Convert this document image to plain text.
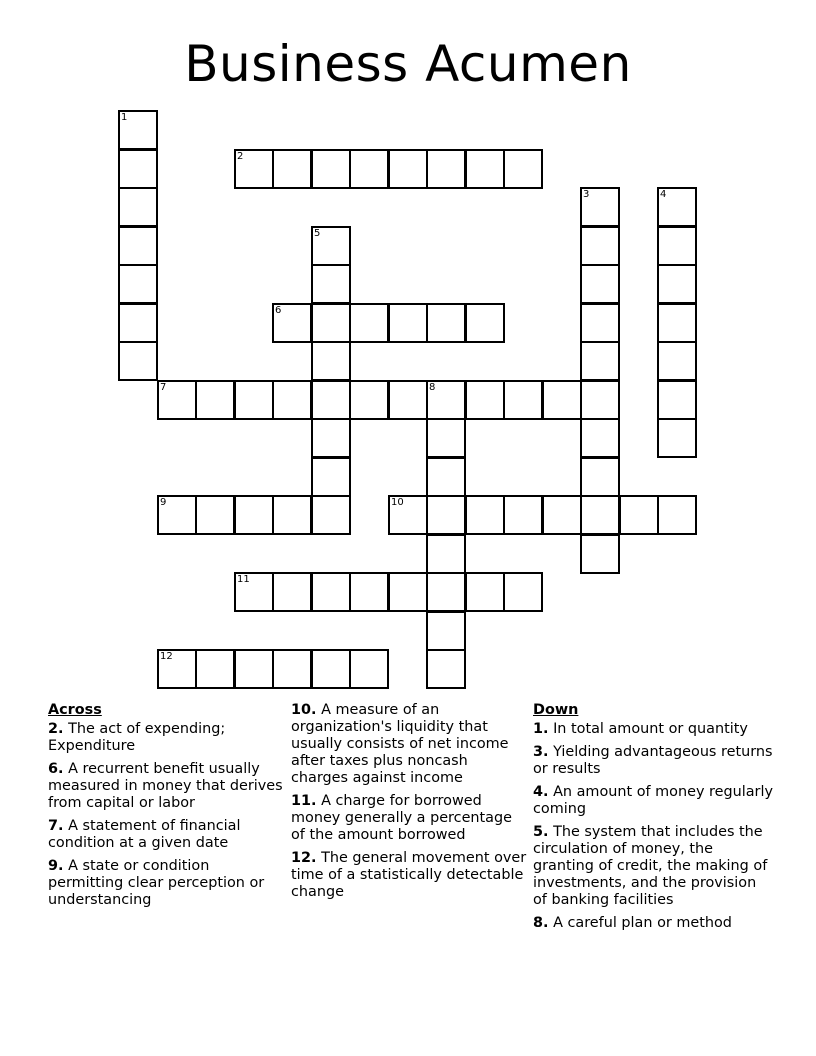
Business Acumen
1
2
3	4
5
6
7	8
9	10
11
12
Across
2. The act of expending; Expenditure
6. A recurrent benefit usually measured in money that derives from capital or labor
7. A statement of financial condition at a given date
9. A state or condition permitting clear perception or understancing
10. A measure of an organization's liquidity that usually consists of net income after taxes plus noncash charges against income
11. A charge for borrowed money generally a percentage of the amount borrowed
12. The general movement over time of a statistically detectable change
Down
1. In total amount or quantity
3. Yielding advantageous returns or results
4. An amount of money regularly coming
5. The system that includes the circulation of money, the granting of credit, the making of investments, and the provision of banking facilities
8. A careful plan or method
